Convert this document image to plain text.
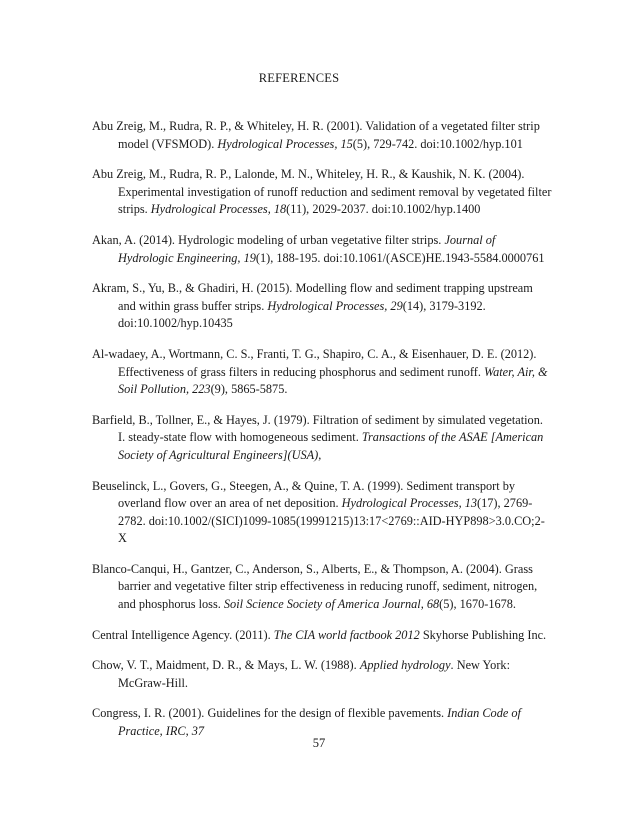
REFERENCES

Abu Zreig, M., Rudra, R. P., & Whiteley, H. R. (2001). Validation of a vegetated filter strip model (VFSMOD). Hydrological Processes, 15(5), 729-742. doi:10.1002/hyp.101

Abu Zreig, M., Rudra, R. P., Lalonde, M. N., Whiteley, H. R., & Kaushik, N. K. (2004). Experimental investigation of runoff reduction and sediment removal by vegetated filter strips. Hydrological Processes, 18(11), 2029-2037. doi:10.1002/hyp.1400

Akan, A. (2014). Hydrologic modeling of urban vegetative filter strips. Journal of Hydrologic Engineering, 19(1), 188-195. doi:10.1061/(ASCE)HE.1943-5584.0000761

Akram, S., Yu, B., & Ghadiri, H. (2015). Modelling flow and sediment trapping upstream and within grass buffer strips. Hydrological Processes, 29(14), 3179-3192. doi:10.1002/hyp.10435

Al-wadaey, A., Wortmann, C. S., Franti, T. G., Shapiro, C. A., & Eisenhauer, D. E. (2012). Effectiveness of grass filters in reducing phosphorus and sediment runoff. Water, Air, & Soil Pollution, 223(9), 5865-5875.

Barfield, B., Tollner, E., & Hayes, J. (1979). Filtration of sediment by simulated vegetation. I. steady-state flow with homogeneous sediment. Transactions of the ASAE [American Society of Agricultural Engineers](USA),

Beuselinck, L., Govers, G., Steegen, A., & Quine, T. A. (1999). Sediment transport by overland flow over an area of net deposition. Hydrological Processes, 13(17), 2769-2782. doi:10.1002/(SICI)1099-1085(19991215)13:17<2769::AID-HYP898>3.0.CO;2-X

Blanco-Canqui, H., Gantzer, C., Anderson, S., Alberts, E., & Thompson, A. (2004). Grass barrier and vegetative filter strip effectiveness in reducing runoff, sediment, nitrogen, and phosphorus loss. Soil Science Society of America Journal, 68(5), 1670-1678.

Central Intelligence Agency. (2011). The CIA world factbook 2012 Skyhorse Publishing Inc.

Chow, V. T., Maidment, D. R., & Mays, L. W. (1988). Applied hydrology. New York: McGraw-Hill.

Congress, I. R. (2001). Guidelines for the design of flexible pavements. Indian Code of Practice, IRC, 37

57
